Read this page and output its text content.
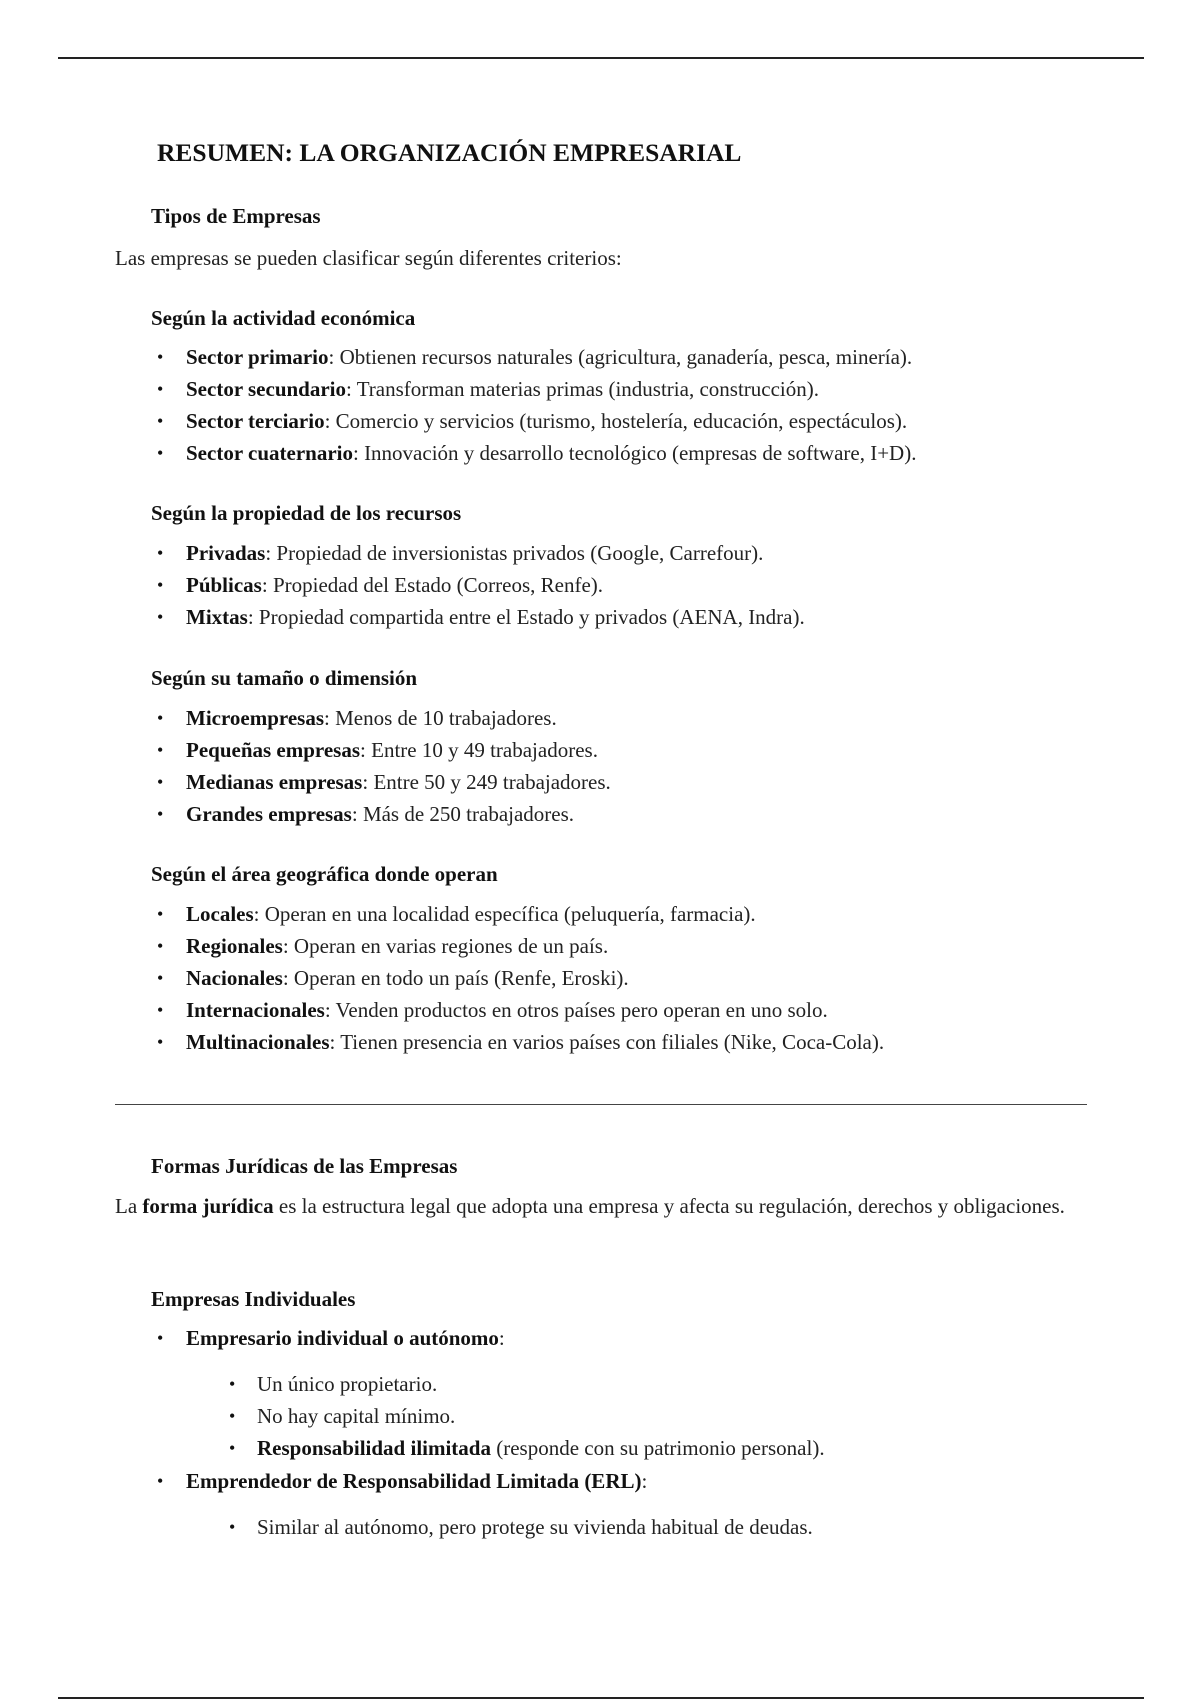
RESUMEN: LA ORGANIZACIÓN EMPRESARIAL
Tipos de Empresas

Las empresas se pueden clasificar según diferentes criterios:

Según la actividad económica
• Sector primario: Obtienen recursos naturales (agricultura, ganadería, pesca, minería).
• Sector secundario: Transforman materias primas (industria, construcción).
• Sector terciario: Comercio y servicios (turismo, hostelería, educación, espectáculos).
• Sector cuaternario: Innovación y desarrollo tecnológico (empresas de software, I+D).
Según la propiedad de los recursos
• Privadas: Propiedad de inversionistas privados (Google, Carrefour).
• Públicas: Propiedad del Estado (Correos, Renfe).
• Mixtas: Propiedad compartida entre el Estado y privados (AENA, Indra).
Según su tamaño o dimensión
• Microempresas: Menos de 10 trabajadores.
• Pequeñas empresas: Entre 10 y 49 trabajadores.
• Medianas empresas: Entre 50 y 249 trabajadores.
• Grandes empresas: Más de 250 trabajadores.
Según el área geográfica donde operan
• Locales: Operan en una localidad específica (peluquería, farmacia).
• Regionales: Operan en varias regiones de un país.
• Nacionales: Operan en todo un país (Renfe, Eroski).
• Internacionales: Venden productos en otros países pero operan en uno solo.
• Multinacionales: Tienen presencia en varios países con filiales (Nike, Coca-Cola).
Formas Jurídicas de las Empresas

La forma jurídica es la estructura legal que adopta una empresa y afecta su regulación, derechos y obligaciones.

Empresas Individuales
• Empresario individual o autónomo:
• Un único propietario.
• No hay capital mínimo.
• Responsabilidad ilimitada (responde con su patrimonio personal).
• Emprendedor de Responsabilidad Limitada (ERL):
• Similar al autónomo, pero protege su vivienda habitual de deudas.
